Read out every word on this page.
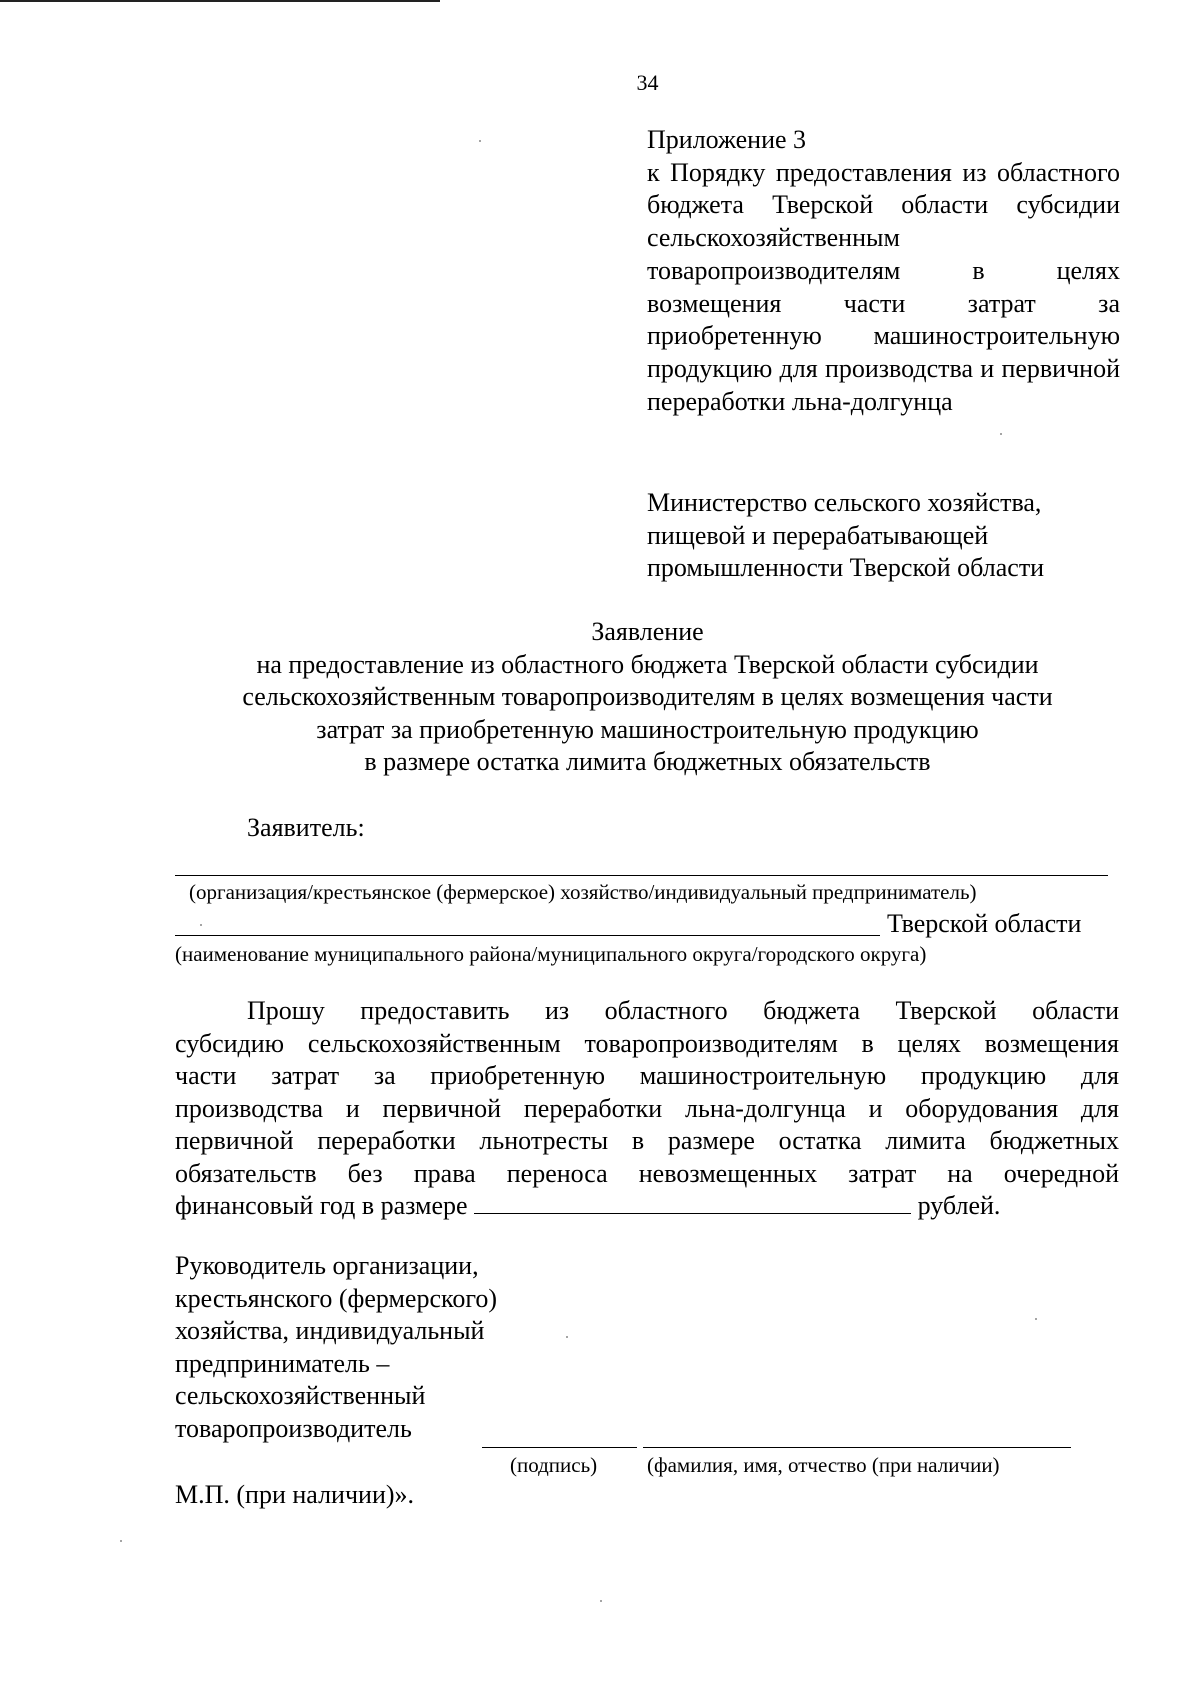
34
Приложение 3
к Порядку предоставления из областного бюджета Тверской области субсидии сельскохозяйственным товаропроизводителям в целях возмещения части затрат за приобретенную машиностроительную продукцию для производства и первичной переработки льна-долгунца
Министерство сельского хозяйства,
пищевой и перерабатывающей
промышленности Тверской области
Заявление
на предоставление из областного бюджета Тверской области субсидии
сельскохозяйственным товаропроизводителям в целях возмещения части
затрат за приобретенную машиностроительную продукцию
в размере остатка лимита бюджетных обязательств
Заявитель:
(организация/крестьянское (фермерское) хозяйство/индивидуальный предприниматель)
Тверской области
(наименование муниципального района/муниципального округа/городского округа)
Прошу предоставить из областного бюджета Тверской области
субсидию сельскохозяйственным товаропроизводителям в целях возмещения
части затрат за приобретенную машиностроительную продукцию для
производства и первичной переработки льна-долгунца и оборудования для
первичной переработки льнотресты в размере остатка лимита бюджетных
обязательств без права переноса невозмещенных затрат на очередной
финансовый год в размере	рублей.
Руководитель организации,
крестьянского (фермерского)
хозяйства, индивидуальный
предприниматель –
сельскохозяйственный
товаропроизводитель
(подпись) (фамилия, имя, отчество (при наличии)
М.П. (при наличии)».
